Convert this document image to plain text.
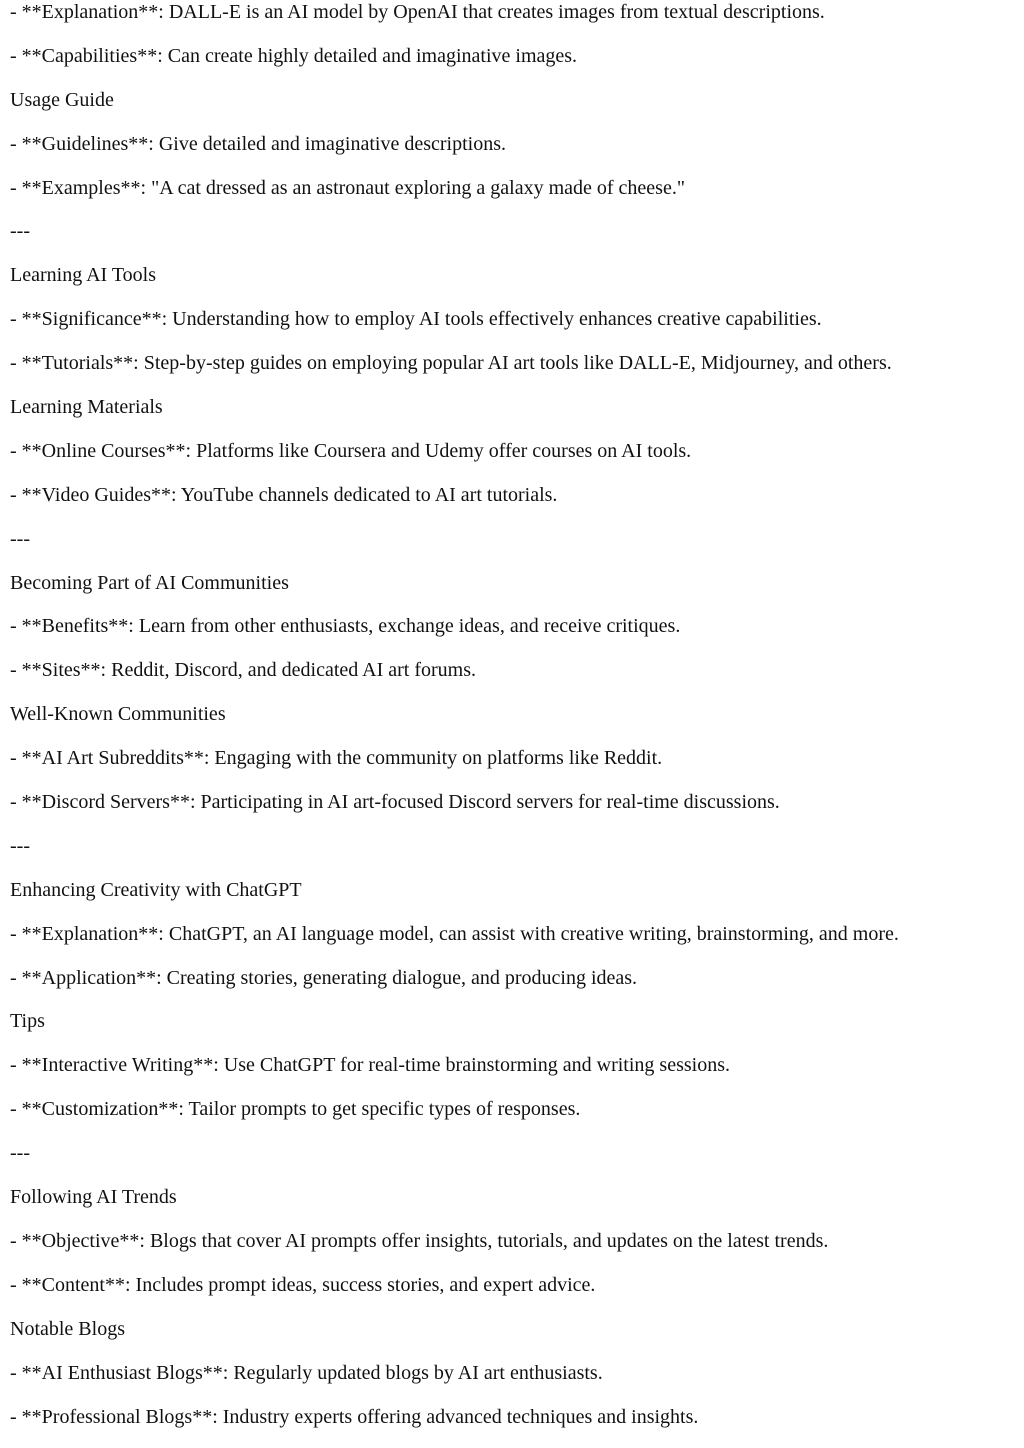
- **Explanation**: DALL-E is an AI model by OpenAI that creates images from textual descriptions.
- **Capabilities**: Can create highly detailed and imaginative images.
Usage Guide
- **Guidelines**: Give detailed and imaginative descriptions.
- **Examples**: "A cat dressed as an astronaut exploring a galaxy made of cheese."
---
Learning AI Tools
- **Significance**: Understanding how to employ AI tools effectively enhances creative capabilities.
- **Tutorials**: Step-by-step guides on employing popular AI art tools like DALL-E, Midjourney, and others.
Learning Materials
- **Online Courses**: Platforms like Coursera and Udemy offer courses on AI tools.
- **Video Guides**: YouTube channels dedicated to AI art tutorials.
---
Becoming Part of AI Communities
- **Benefits**: Learn from other enthusiasts, exchange ideas, and receive critiques.
- **Sites**: Reddit, Discord, and dedicated AI art forums.
Well-Known Communities
- **AI Art Subreddits**: Engaging with the community on platforms like Reddit.
- **Discord Servers**: Participating in AI art-focused Discord servers for real-time discussions.
---
Enhancing Creativity with ChatGPT
- **Explanation**: ChatGPT, an AI language model, can assist with creative writing, brainstorming, and more.
- **Application**: Creating stories, generating dialogue, and producing ideas.
Tips
- **Interactive Writing**: Use ChatGPT for real-time brainstorming and writing sessions.
- **Customization**: Tailor prompts to get specific types of responses.
---
Following AI Trends
- **Objective**: Blogs that cover AI prompts offer insights, tutorials, and updates on the latest trends.
- **Content**: Includes prompt ideas, success stories, and expert advice.
Notable Blogs
- **AI Enthusiast Blogs**: Regularly updated blogs by AI art enthusiasts.
- **Professional Blogs**: Industry experts offering advanced techniques and insights.
